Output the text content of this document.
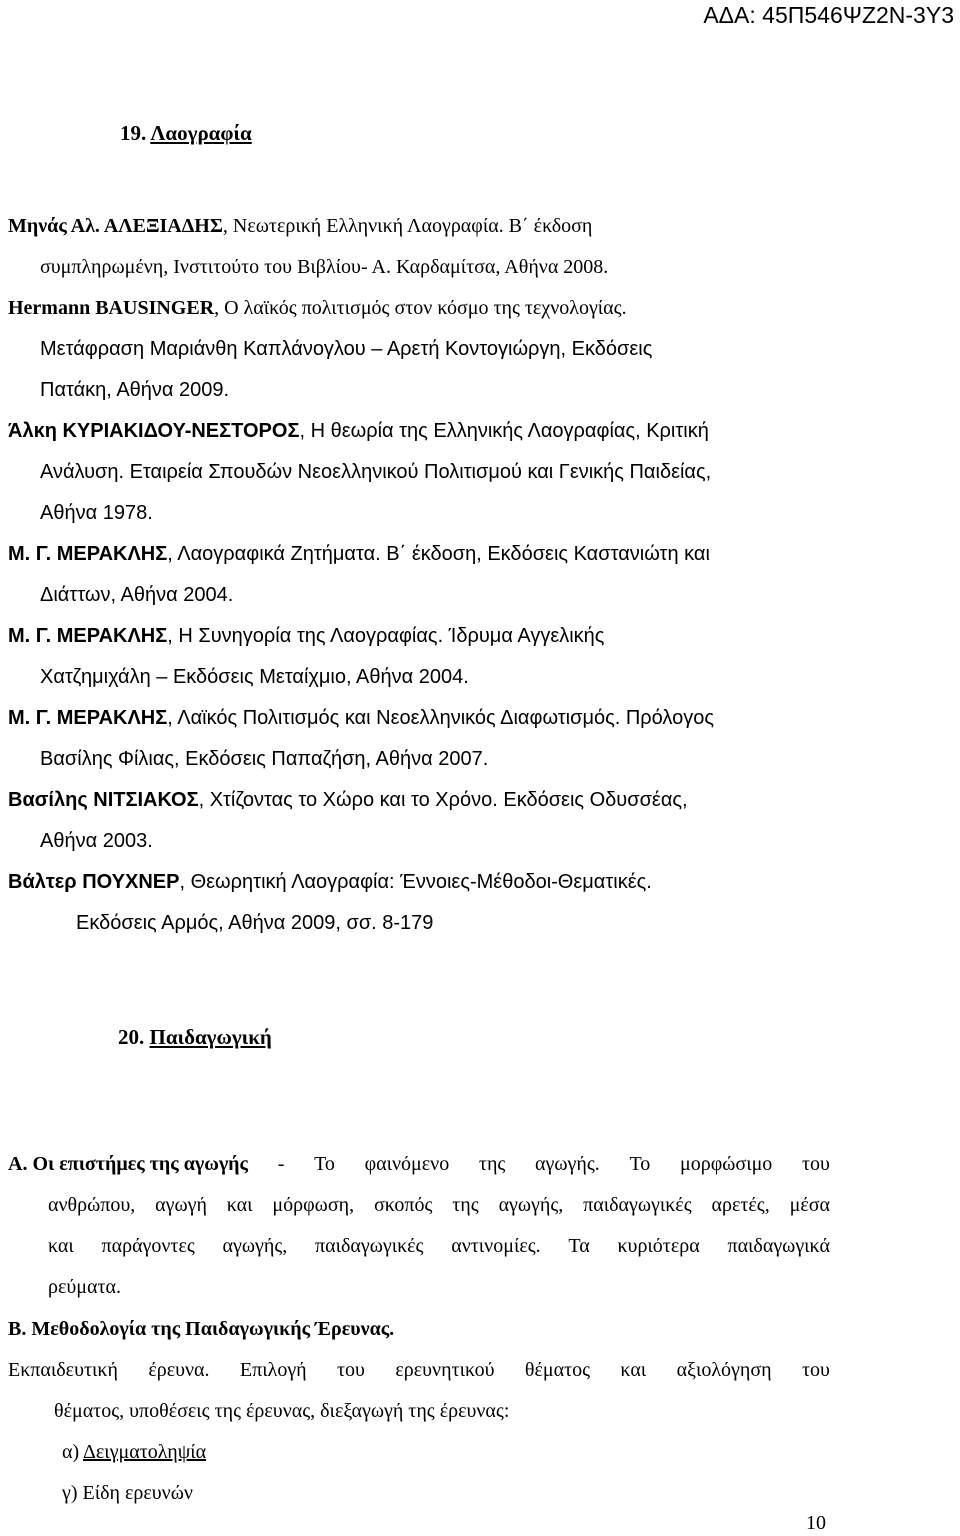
ΑΔΑ: 45Π546ΨΖ2Ν-3Υ3
19. Λαογραφία
Μηνάς Αλ. ΑΛΕΞΙΑΔΗΣ, Νεωτερική Ελληνική Λαογραφία. Β΄ έκδοση
συμπληρωμένη, Ινστιτούτο του Βιβλίου- Α. Καρδαμίτσα, Αθήνα 2008.
Hermann BAUSINGER, Ο λαϊκός πολιτισμός στον κόσμο της τεχνολογίας.
Μετάφραση Μαριάνθη Καπλάνογλου – Αρετή Κοντογιώργη, Εκδόσεις
Πατάκη, Αθήνα 2009.
Άλκη ΚΥΡΙΑΚΙΔΟΥ-ΝΕΣΤΟΡΟΣ, Η θεωρία της Ελληνικής Λαογραφίας, Κριτική
Ανάλυση. Εταιρεία Σπουδών Νεοελληνικού Πολιτισμού και Γενικής Παιδείας,
Αθήνα 1978.
Μ. Γ. ΜΕΡΑΚΛΗΣ, Λαογραφικά Ζητήματα. Β΄ έκδοση, Εκδόσεις Καστανιώτη και
Διάττων, Αθήνα 2004.
Μ. Γ. ΜΕΡΑΚΛΗΣ, Η Συνηγορία της Λαογραφίας. Ίδρυμα Αγγελικής
Χατζημιχάλη – Εκδόσεις Μεταίχμιο, Αθήνα 2004.
Μ. Γ. ΜΕΡΑΚΛΗΣ, Λαϊκός Πολιτισμός και Νεοελληνικός Διαφωτισμός. Πρόλογος
Βασίλης Φίλιας, Εκδόσεις Παπαζήση, Αθήνα 2007.
Βασίλης ΝΙΤΣΙΑΚΟΣ, Χτίζοντας το Χώρο και το Χρόνο. Εκδόσεις Οδυσσέας,
Αθήνα 2003.
Βάλτερ ΠΟΥΧΝΕΡ, Θεωρητική Λαογραφία: Έννοιες-Μέθοδοι-Θεματικές.
Εκδόσεις Αρμός, Αθήνα 2009, σσ. 8-179
20. Παιδαγωγική
Α. Οι επιστήμες της αγωγής - Το φαινόμενο της αγωγής. Το μορφώσιμο του
ανθρώπου, αγωγή και μόρφωση, σκοπός της αγωγής, παιδαγωγικές αρετές, μέσα
και παράγοντες αγωγής, παιδαγωγικές αντινομίες. Τα κυριότερα παιδαγωγικά
ρεύματα.
Β. Μεθοδολογία της Παιδαγωγικής Έρευνας.
Εκπαιδευτική έρευνα. Επιλογή του ερευνητικού θέματος και αξιολόγηση του
θέματος, υποθέσεις της έρευνας, διεξαγωγή της έρευνας:
α) Δειγματοληψία
γ) Είδη ερευνών
10
